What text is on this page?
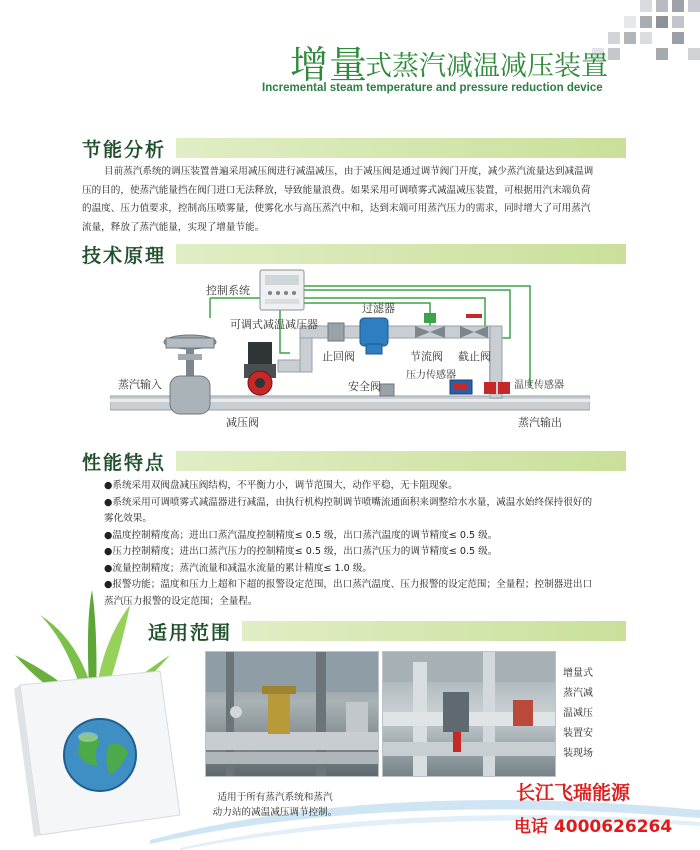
增量
式蒸汽减温减压装置
Incremental steam temperature and pressure reduction device
节能分析

目前蒸汽系统的调压装置普遍采用减压阀进行减温减压，由于减压阀是通过调节阀门开度，减少蒸汽流量达到减温调

压的目的，使蒸汽能量挡在阀门进口无法释放，导致能量浪费。如果采用可调喷雾式减温减压装置，可根据用汽末端负荷

的温度、压力值要求，控制高压喷雾量，使雾化水与高压蒸汽中和，达到末端可用蒸汽压力的需求，同时增大了可用蒸汽

流量，释放了蒸汽能量，实现了增量节能。

技术原理
控制系统
可调式减温减压器
过滤器
止回阀	节流阀 截止阀
蒸汽输入	安全阀
压力传感器
温度传感器
减压阀	蒸汽输出
性能特点
●系统采用双阀盘减压阀结构，不平衡力小，调节范围大，动作平稳，无卡阻现象。
●系统采用可调喷雾式减温器进行减温，由执行机构控制调节喷嘴流通面积来调整给水水量，减温水始终保持很好的
雾化效果。
●温度控制精度高；进出口蒸汽温度控制精度≤ 0.5 级，出口蒸汽温度的调节精度≤ 0.5 级。
●压力控制精度；进出口蒸汽压力的控制精度≤ 0.5 级，出口蒸汽压力的调节精度≤ 0.5 级。
●流量控制精度；蒸汽流量和减温水流量的累计精度≤ 1.0 级。
●报警功能；温度和压力上超和下超的报警设定范围，出口蒸汽温度、压力报警的设定范围；全量程；控制器进出口
蒸汽压力报警的设定范围；全量程。
适用范围
增量式
蒸汽减
温减压
装置安
装现场
适用于所有蒸汽系统和蒸汽
动力站的减温减压调节控制。
长江飞瑞能源
电话 4000626264
